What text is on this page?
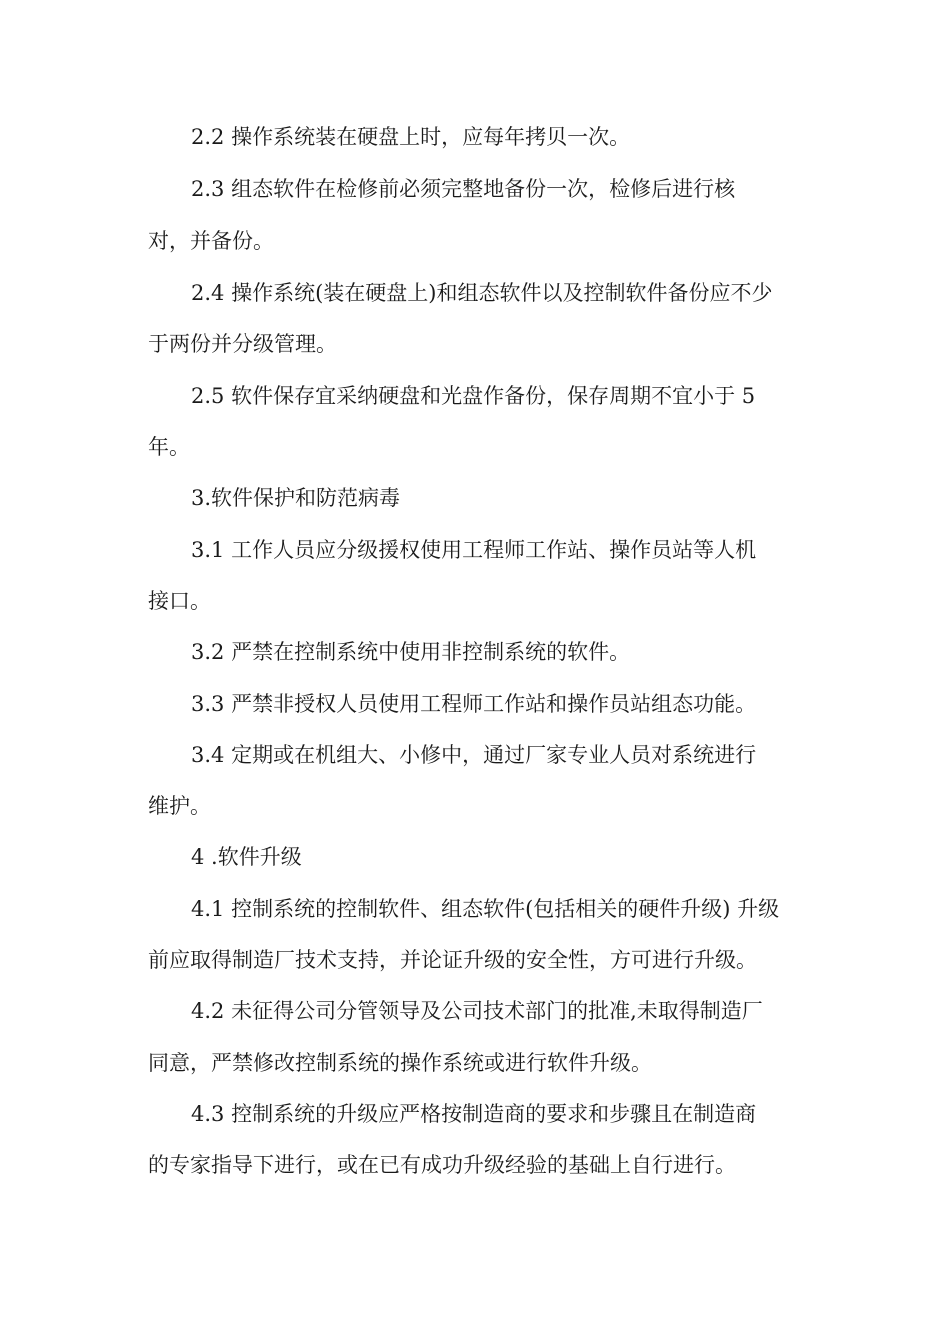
2.2 操作系统装在硬盘上时，应每年拷贝一次。
2.3 组态软件在检修前必须完整地备份一次，检修后进行核
对，并备份。
2.4 操作系统(装在硬盘上)和组态软件以及控制软件备份应不少
于两份并分级管理。
2.5 软件保存宜采纳硬盘和光盘作备份，保存周期不宜小于 5
年。
3.软件保护和防范病毒
3.1 工作人员应分级援权使用工程师工作站、操作员站等人机
接口。
3.2 严禁在控制系统中使用非控制系统的软件。
3.3 严禁非授权人员使用工程师工作站和操作员站组态功能。
3.4 定期或在机组大、小修中，通过厂家专业人员对系统进行
维护。
4 .软件升级
4.1 控制系统的控制软件、组态软件(包括相关的硬件升级) 升级
前应取得制造厂技术支持，并论证升级的安全性，方可进行升级。
4.2 未征得公司分管领导及公司技术部门的批准,未取得制造厂
同意，严禁修改控制系统的操作系统或进行软件升级。
4.3 控制系统的升级应严格按制造商的要求和步骤且在制造商
的专家指导下进行，或在已有成功升级经验的基础上自行进行。
